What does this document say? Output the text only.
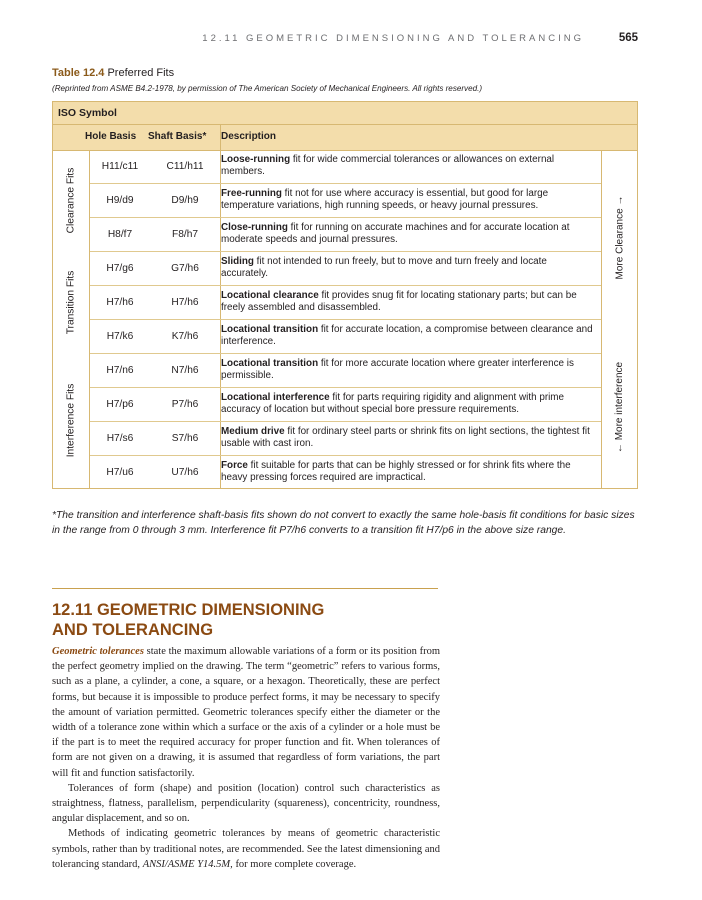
12.11 GEOMETRIC DIMENSIONING AND TOLERANCING	565
Table 12.4 Preferred Fits
(Reprinted from ASME B4.2-1978, by permission of The American Society of Mechanical Engineers. All rights reserved.)
ISO Symbol
Hole Basis Shaft Basis* Description
Clearance Fits
Transition Fits
Interference Fits
More Clearance →
← More interference
H11/c11	C11/h11
Loose-running fit for wide commercial tolerances or allowances on external members.
H9/d9	D9/h9
Free-running fit not for use where accuracy is essential, but good for large temperature variations, high running speeds, or heavy journal pressures.
H8/f7	F8/h7
Close-running fit for running on accurate machines and for accurate location at moderate speeds and journal pressures.
H7/g6	G7/h6
Sliding fit not intended to run freely, but to move and turn freely and locate accurately.
H7/h6	H7/h6
Locational clearance fit provides snug fit for locating stationary parts; but can be freely assembled and disassembled.
H7/k6	K7/h6
Locational transition fit for accurate location, a compromise between clearance and interference.
H7/n6	N7/h6
Locational transition fit for more accurate location where greater interference is permissible.
H7/p6	P7/h6
Locational interference fit for parts requiring rigidity and alignment with prime accuracy of location but without special bore pressure requirements.
H7/s6	S7/h6
Medium drive fit for ordinary steel parts or shrink fits on light sections, the tightest fit usable with cast iron.
H7/u6	U7/h6
Force fit suitable for parts that can be highly stressed or for shrink fits where the heavy pressing forces required are impractical.
*The transition and interference shaft-basis fits shown do not convert to exactly the same hole-basis fit conditions for basic sizes in the range from 0 through 3 mm. Interference fit P7/h6 converts to a transition fit H7/p6 in the above size range.
12.11 GEOMETRIC DIMENSIONING
AND TOLERANCING

Geometric tolerances state the maximum allowable variations of a form or its position from the perfect geometry implied on the drawing. The term “geometric” refers to various forms, such as a plane, a cylinder, a cone, a square, or a hexagon. Theoretically, these are perfect forms, but because it is impossible to produce perfect forms, it may be necessary to specify the amount of variation permitted. Geometric tolerances specify either the diameter or the width of a tolerance zone within which a surface or the axis of a cylinder or a hole must be if the part is to meet the required accuracy for proper function and fit. When tolerances of form are not given on a drawing, it is assumed that regardless of form variations, the part will fit and function satisfactorily.

Tolerances of form (shape) and position (location) control such characteristics as straightness, flatness, parallelism, perpendicularity (squareness), concentricity, roundness, angular displacement, and so on.

Methods of indicating geometric tolerances by means of geometric characteristic symbols, rather than by traditional notes, are recommended. See the latest dimensioning and tolerancing standard, ANSI/ASME Y14.5M, for more complete coverage.
